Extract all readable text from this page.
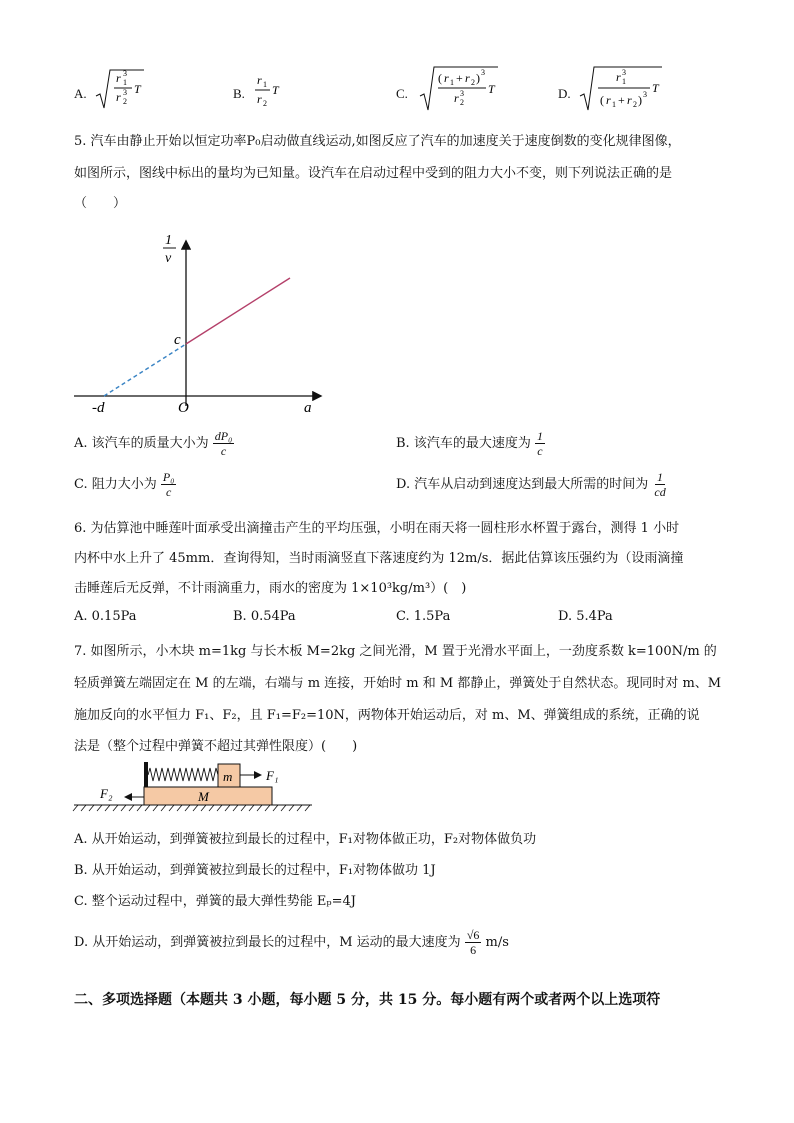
A.
r 1
3
r 2
3 T	B.
r 1
r 2
T	C.
( r 1 + r 2 ) 3
r 2
3 T	D.
r 1
3
( r 1 + r 2 ) 3 T
5. 汽车由静止开始以恒定功率P₀启动做直线运动,如图反应了汽车的加速度关于速度倒数的变化规律图像，
如图所示，图线中标出的量均为已知量。设汽车在启动过程中受到的阻力大小不变，则下列说法正确的是
（　　）
1
v
c
O
-d	a
A. 该汽车的质量大小为 $\frac{\text{dP₀}}{c}$	B. 该汽车的最大速度为 $\frac{1}{c}$
C. 阻力大小为 $\frac{\text{P₀}}{c}$	D. 汽车从启动到速度达到最大所需的时间为 $\frac{1}{cd}$
6. 为估算池中睡莲叶面承受出滴撞击产生的平均压强，小明在雨天将一圆柱形水杯置于露台，测得 1 小时
内杯中水上升了 45mm．查询得知，当时雨滴竖直下落速度约为 12m/s．据此估算该压强约为（设雨滴撞
击睡莲后无反弹，不计雨滴重力，雨水的密度为 1×10³kg/m³）(　)
A. 0.15Pa	B. 0.54Pa	C. 1.5Pa	D. 5.4Pa
7. 如图所示，小木块 m=1kg 与长木板 M=2kg 之间光滑，M 置于光滑水平面上，一劲度系数 k=100N/m 的
轻质弹簧左端固定在 M 的左端，右端与 m 连接，开始时 m 和 M 都静止，弹簧处于自然状态。现同时对 m、M
施加反向的水平恒力 F₁、F₂，且 F₁=F₂=10N，两物体开始运动后，对 m、M、弹簧组成的系统，正确的说
法是（整个过程中弹簧不超过其弹性限度）(　　)
m
M
F₁
F₂
A. 从开始运动，到弹簧被拉到最长的过程中，F₁对物体做正功，F₂对物体做负功
B. 从开始运动，到弹簧被拉到最长的过程中，F₁对物体做功 1J
C. 整个运动过程中，弹簧的最大弹性势能 Eₚ=4J
D. 从开始运动，到弹簧被拉到最长的过程中，M 运动的最大速度为 $\frac{√6}{6} m/s$
二、多项选择题（本题共 3 小题，每小题 5 分，共 15 分。每小题有两个或者两个以上选项符
